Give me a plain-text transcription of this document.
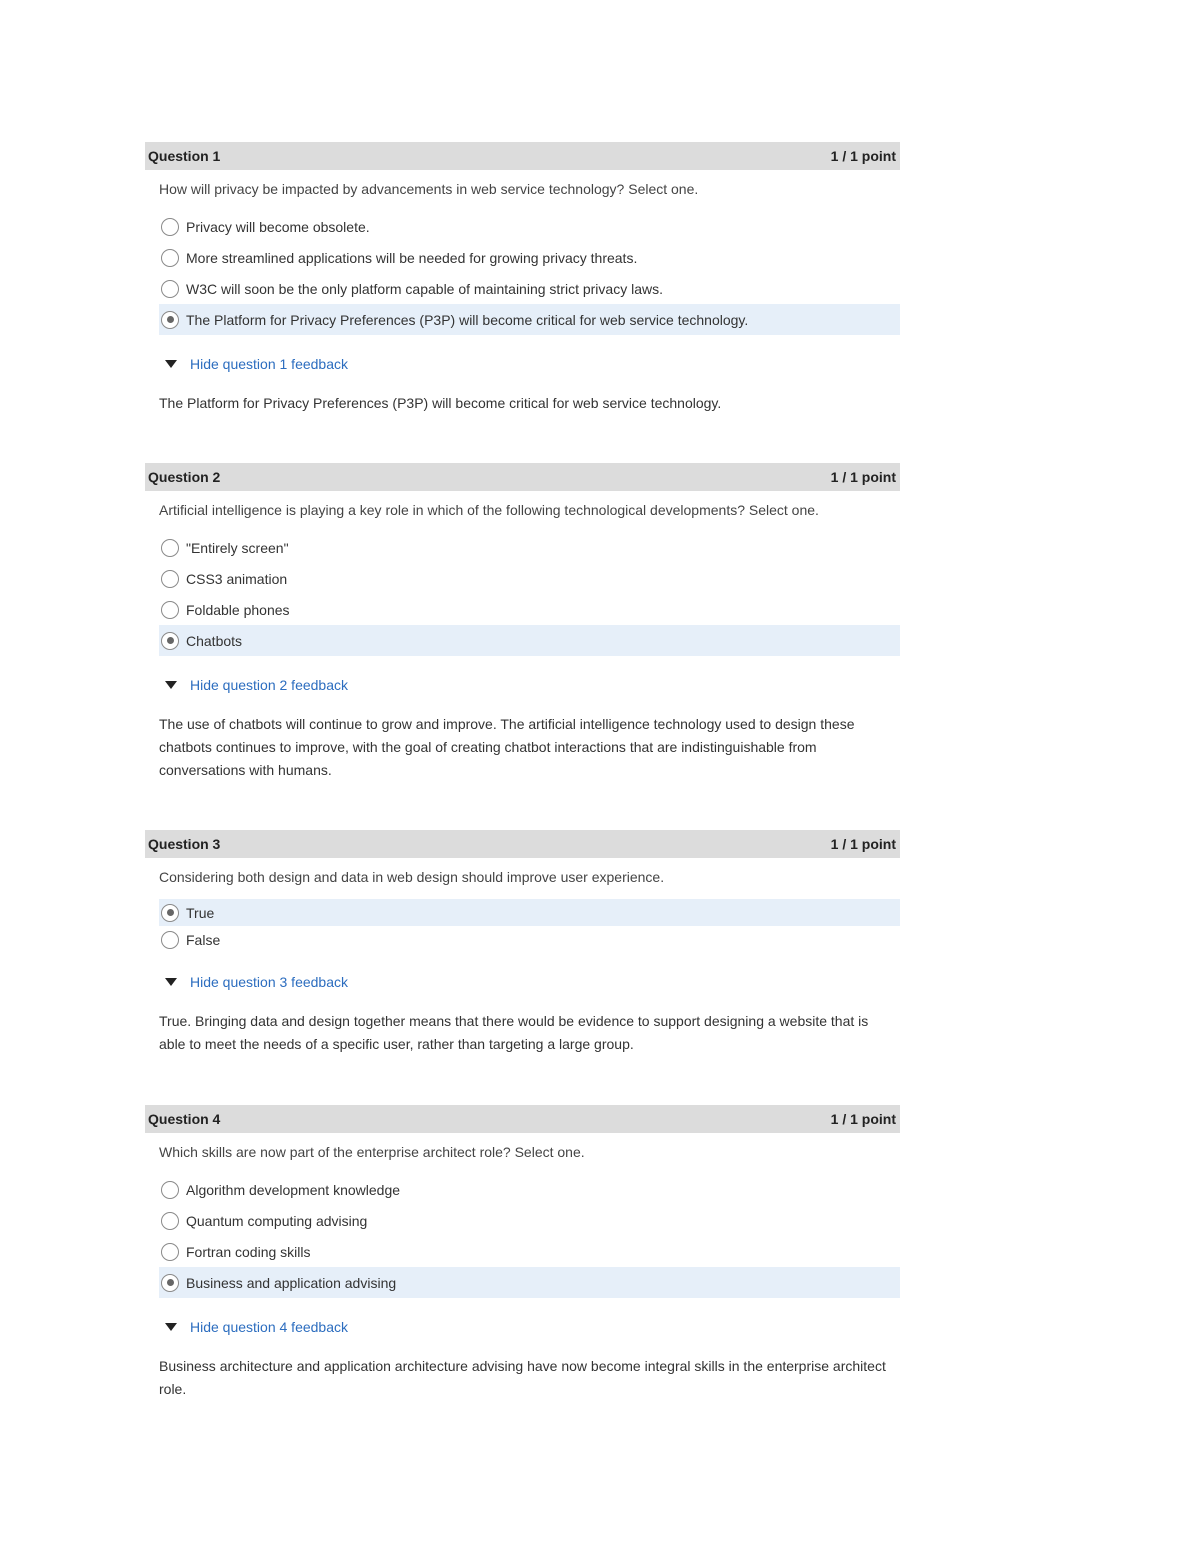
Question 1	1 / 1 point
How will privacy be impacted by advancements in web service technology? Select one.
Privacy will become obsolete.
More streamlined applications will be needed for growing privacy threats.
W3C will soon be the only platform capable of maintaining strict privacy laws.
The Platform for Privacy Preferences (P3P) will become critical for web service technology.
Hide question 1 feedback
The Platform for Privacy Preferences (P3P) will become critical for web service technology.
Question 2	1 / 1 point
Artificial intelligence is playing a key role in which of the following technological developments? Select one.
"Entirely screen"
CSS3 animation
Foldable phones
Chatbots
Hide question 2 feedback
The use of chatbots will continue to grow and improve. The artificial intelligence technology used to design these chatbots continues to improve, with the goal of creating chatbot interactions that are indistinguishable from conversations with humans.
Question 3	1 / 1 point
Considering both design and data in web design should improve user experience.
True
False
Hide question 3 feedback
True. Bringing data and design together means that there would be evidence to support designing a website that is able to meet the needs of a specific user, rather than targeting a large group.
Question 4	1 / 1 point
Which skills are now part of the enterprise architect role? Select one.
Algorithm development knowledge
Quantum computing advising
Fortran coding skills
Business and application advising
Hide question 4 feedback
Business architecture and application architecture advising have now become integral skills in the enterprise architect role.
